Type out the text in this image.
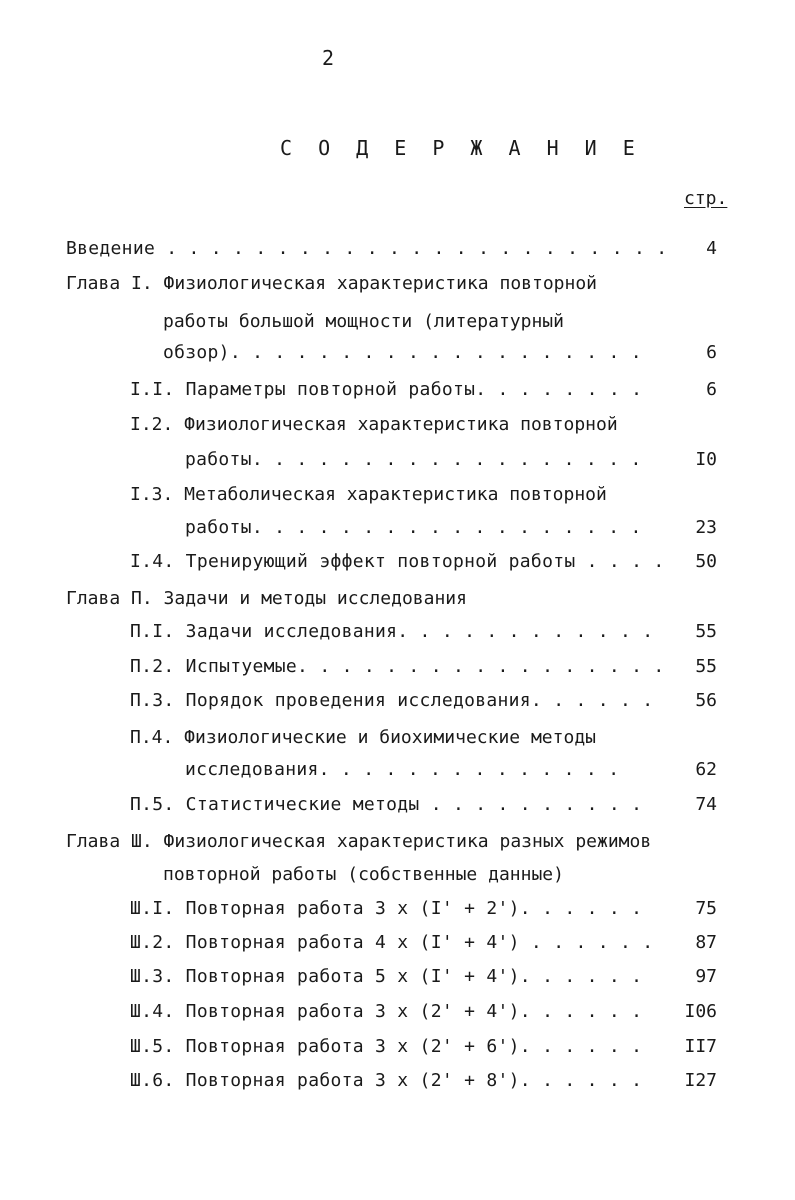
2
С О Д Е Р Ж А Н И Е
стр.
Введение . . . . . . . . . . . . . . . . . . . . . . . 4
Глава I. Физиологическая характеристика повторной
работы большой мощности (литературный
обзор). . . . . . . . . . . . . . . . . . .	6
I.I. Параметры повторной работы. . . . . . . .	6
I.2. Физиологическая характеристика повторной
работы. . . . . . . . . . . . . . . . . .	I0
I.3. Метаболическая характеристика повторной
работы. . . . . . . . . . . . . . . . . .	23
I.4. Тренирующий эффект повторной работы . . . . 50
Глава П. Задачи и методы исследования
П.I. Задачи исследования. . . . . . . . . . . . 55
П.2. Испытуемые. . . . . . . . . . . . . . . . . 55
П.3. Порядок проведения исследования. . . . . . 56
П.4. Физиологические и биохимические методы
исследования. . . . . . . . . . . . . .	62
П.5. Статистические методы . . . . . . . . . .	74
Глава Ш. Физиологическая характеристика разных режимов
повторной работы (собственные данные)
Ш.I. Повторная работа 3 х (I' + 2'). . . . . .	75
Ш.2. Повторная работа 4 х (I' + 4') . . . . . . 87
Ш.3. Повторная работа 5 х (I' + 4'). . . . . .	97
Ш.4. Повторная работа 3 х (2' + 4'). . . . . . I06
Ш.5. Повторная работа 3 х (2' + 6'). . . . . . II7
Ш.6. Повторная работа 3 х (2' + 8'). . . . . . I27
